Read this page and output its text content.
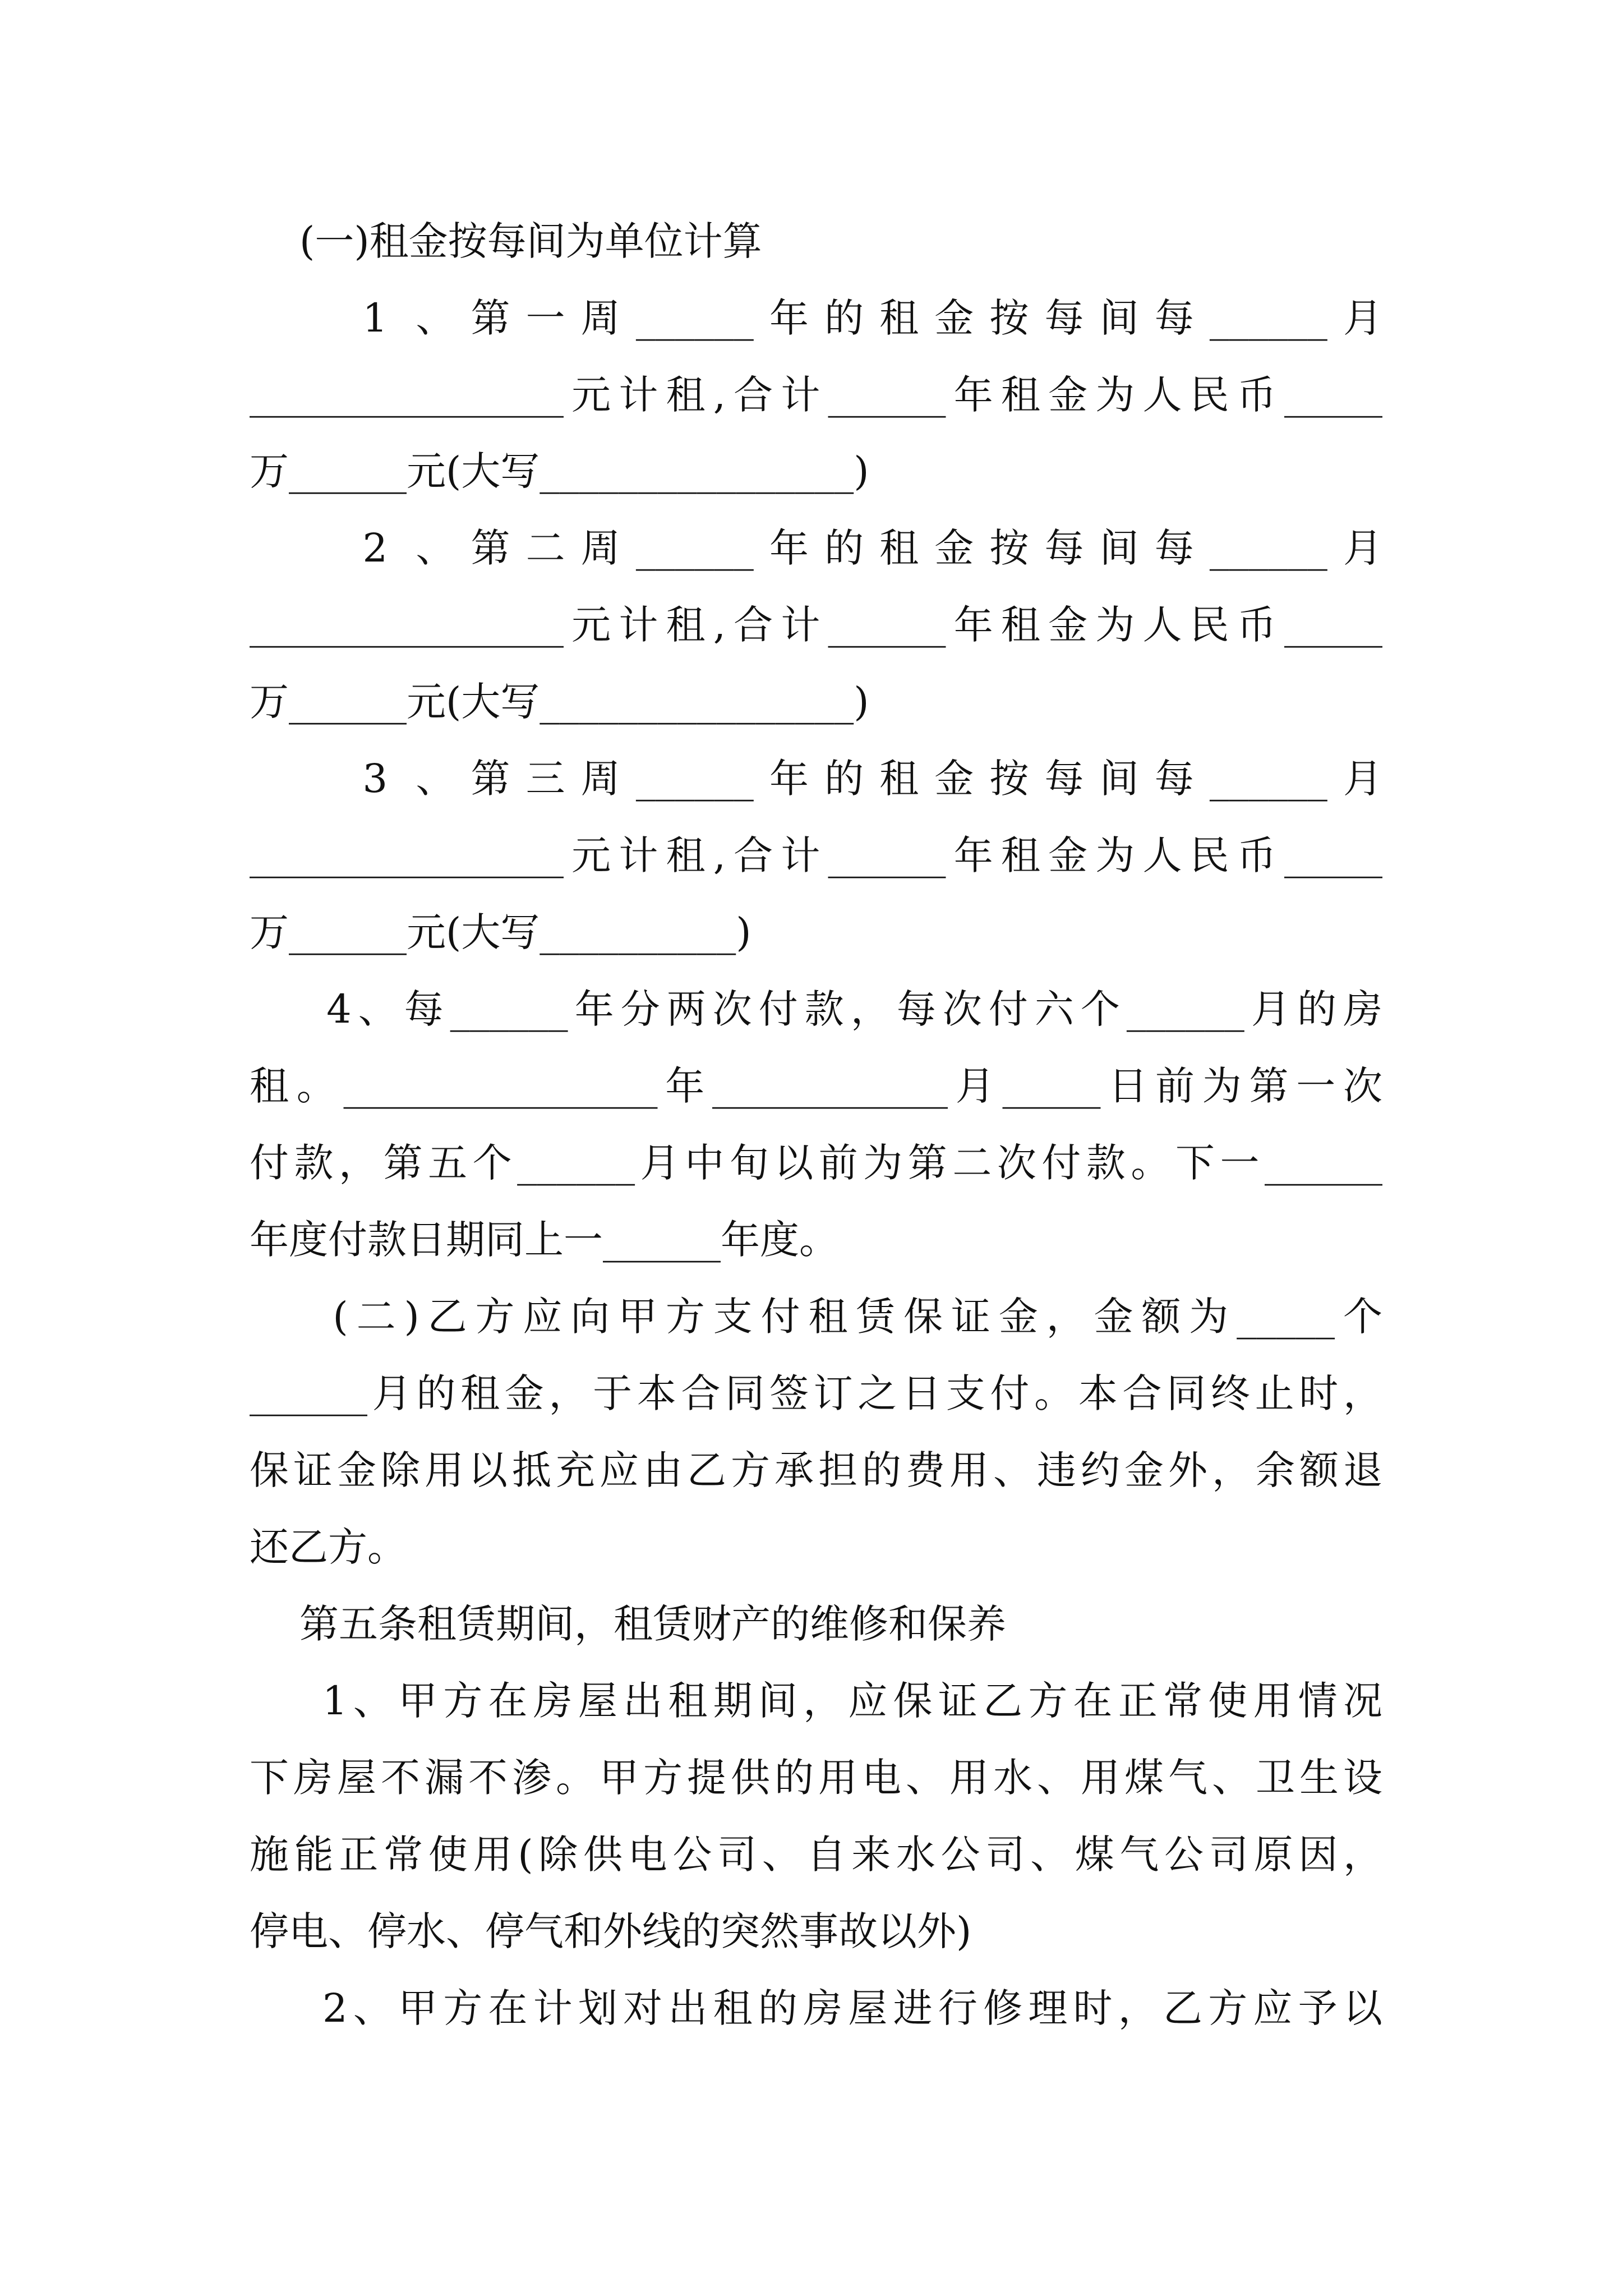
(一)租金按每间为单位计算

1 、第一周______年的租金按每间每______月

________________元计租,合计______年租金为人民币_____

万______元(大写________________)

2 、第二周______年的租金按每间每______月

________________元计租,合计______年租金为人民币_____

万______元(大写________________)

3 、第三周______年的租金按每间每______月

________________元计租,合计______年租金为人民币_____

万______元(大写__________)

4、每______年分两次付款，每次付六个______月的房

租。________________年____________月_____日前为第一次

付款，第五个______月中旬以前为第二次付款。下一______

年度付款日期同上一______年度。

(二)乙方应向甲方支付租赁保证金，金额为_____个

______月的租金，于本合同签订之日支付。本合同终止时，

保证金除用以抵充应由乙方承担的费用、违约金外，余额退

还乙方。

第五条租赁期间，租赁财产的维修和保养

1、甲方在房屋出租期间，应保证乙方在正常使用情况

下房屋不漏不渗。甲方提供的用电、用水、用煤气、卫生设

施能正常使用(除供电公司、自来水公司、煤气公司原因，

停电、停水、停气和外线的突然事故以外)

2、甲方在计划对出租的房屋进行修理时，乙方应予以
